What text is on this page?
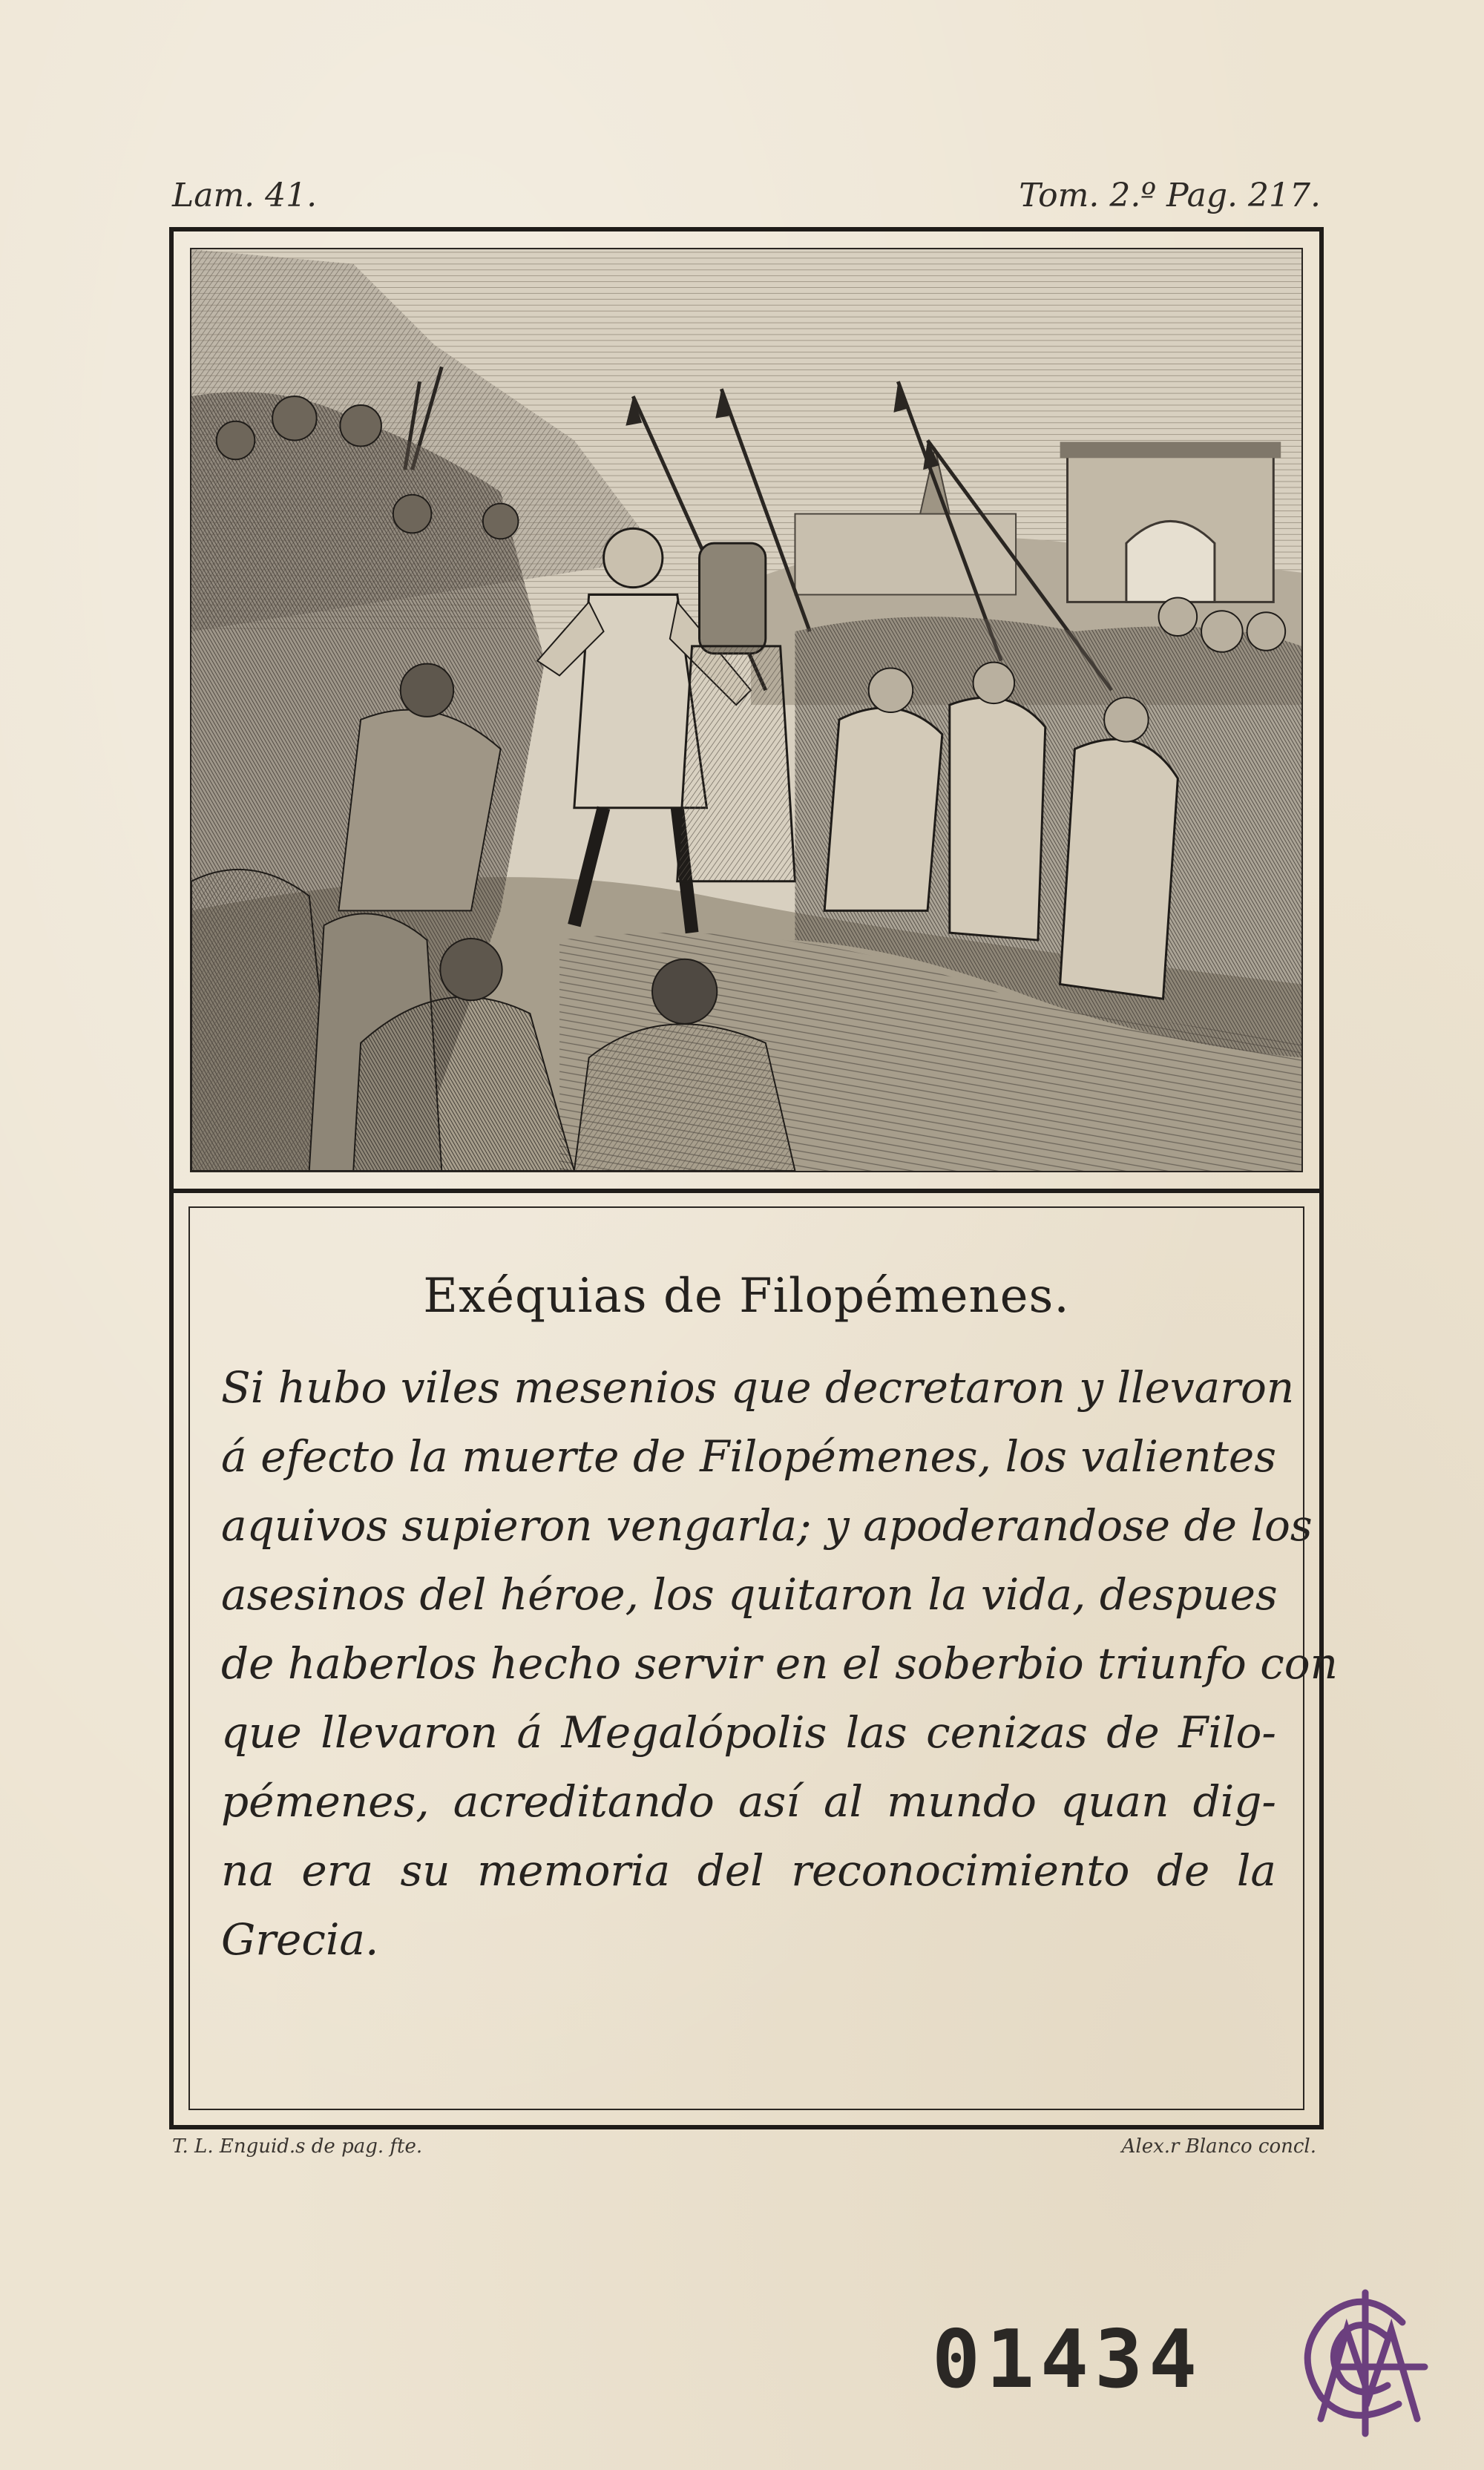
Lam. 41.	Tom. 2.º Pag. 217.
Exéquias de Filopémenes.
Si hubo viles mesenios que decretaron y llevaron
á efecto la muerte de Filopémenes, los valientes
aquivos supieron vengarla; y apoderandose de los
asesinos del héroe, los quitaron la vida, despues
de haberlos hecho servir en el soberbio triunfo con
que llevaron á Megalópolis las cenizas de Filo-
pémenes, acreditando así al mundo quan dig-
na era su memoria del reconocimiento de la
Grecia.
T. L. Enguid.s de pag. fte.	Alex.r Blanco concl.
01434
